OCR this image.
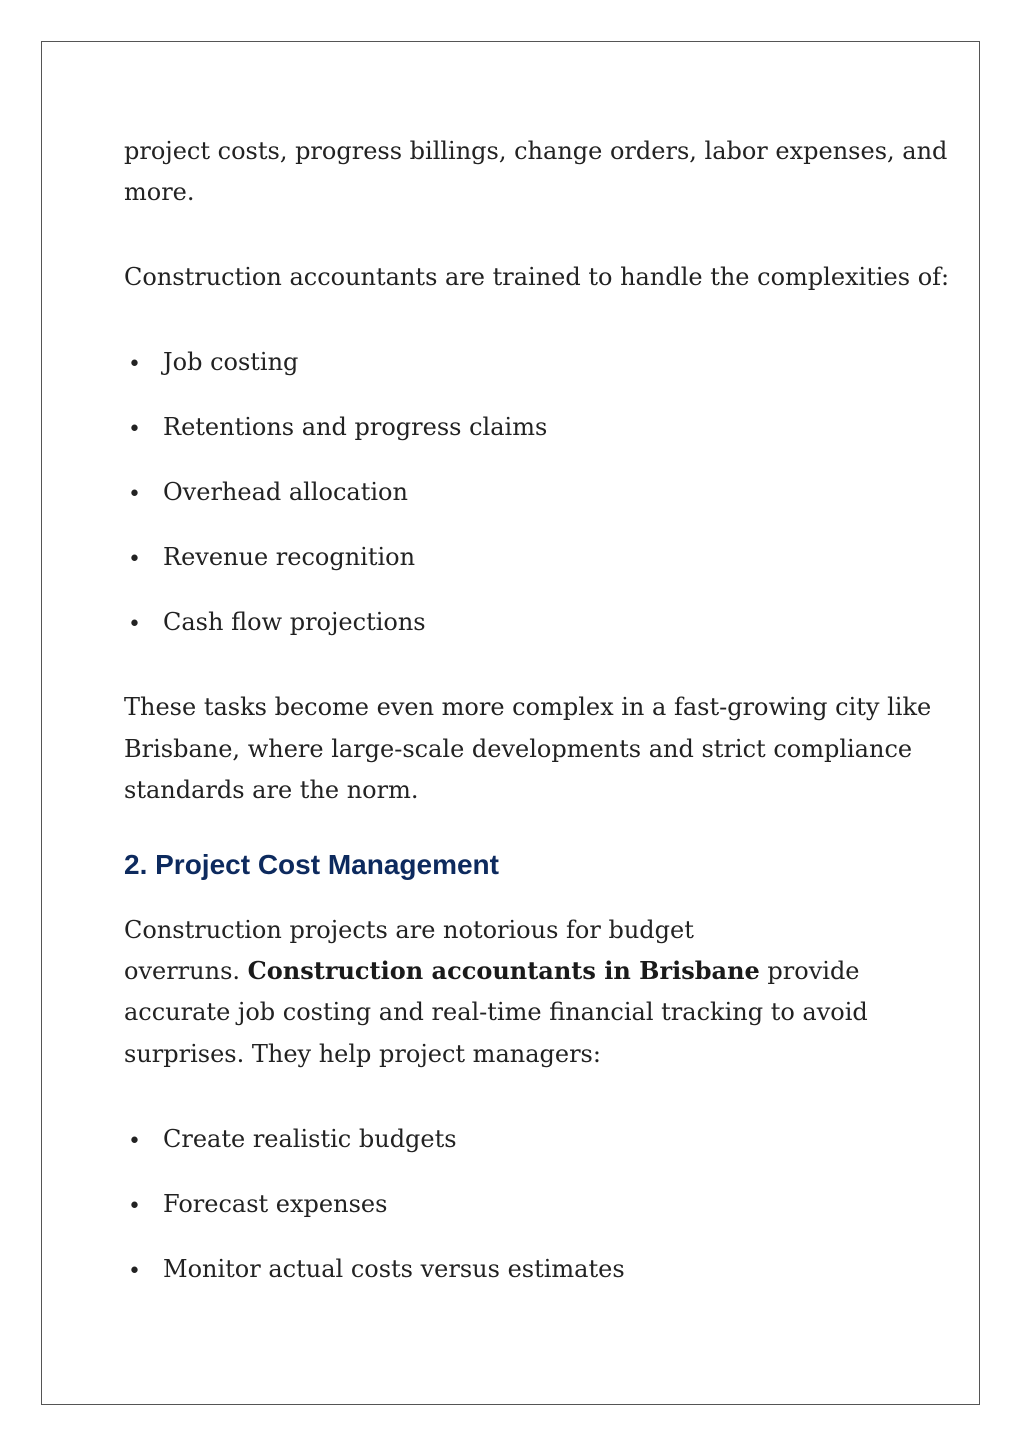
project costs, progress billings, change orders, labor expenses, and
more.
Construction accountants are trained to handle the complexities of:
• Job costing
• Retentions and progress claims
• Overhead allocation
• Revenue recognition
• Cash flow projections
These tasks become even more complex in a fast-growing city like
Brisbane, where large-scale developments and strict compliance
standards are the norm.
2. Project Cost Management
Construction projects are notorious for budget
overruns. Construction accountants in Brisbane provide
accurate job costing and real-time financial tracking to avoid
surprises. They help project managers:
• Create realistic budgets
• Forecast expenses
• Monitor actual costs versus estimates
